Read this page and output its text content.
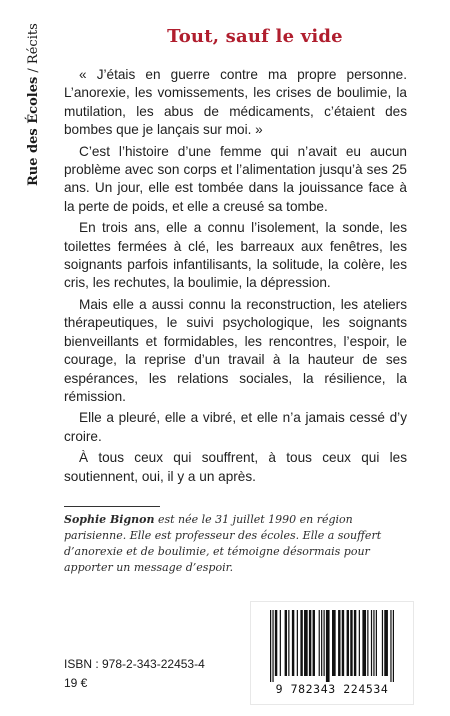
Rue des Écoles / Récits	Tout, sauf le vide

« J’étais en guerre contre ma propre personne. L’anorexie, les vomissements, les crises de boulimie, la mutilation, les abus de médicaments, c’étaient des bombes que je lançais sur moi. »

C’est l’histoire d’une femme qui n’avait eu aucun problème avec son corps et l’alimentation jusqu’à ses 25 ans. Un jour, elle est tombée dans la jouissance face à la perte de poids, et elle a creusé sa tombe.

En trois ans, elle a connu l’isolement, la sonde, les toilettes fermées à clé, les barreaux aux fenêtres, les soignants parfois infantilisants, la solitude, la colère, les cris, les rechutes, la boulimie, la dépression.

Mais elle a aussi connu la reconstruction, les ateliers thérapeutiques, le suivi psychologique, les soignants bienveillants et formidables, les rencontres, l’espoir, le courage, la reprise d’un travail à la hauteur de ses espérances, les relations sociales, la résilience, la rémission.

Elle a pleuré, elle a vibré, et elle n’a jamais cessé d’y croire.

À tous ceux qui souffrent, à tous ceux qui les soutiennent, oui, il y a un après.

Sophie Bignon est née le 31 juillet 1990 en région parisienne. Elle est professeur des écoles. Elle a souffert d’anorexie et de boulimie, et témoigne désormais pour apporter un message d’espoir.

ISBN : 978-2-343-22453-4
19 €	9 782343 224534
